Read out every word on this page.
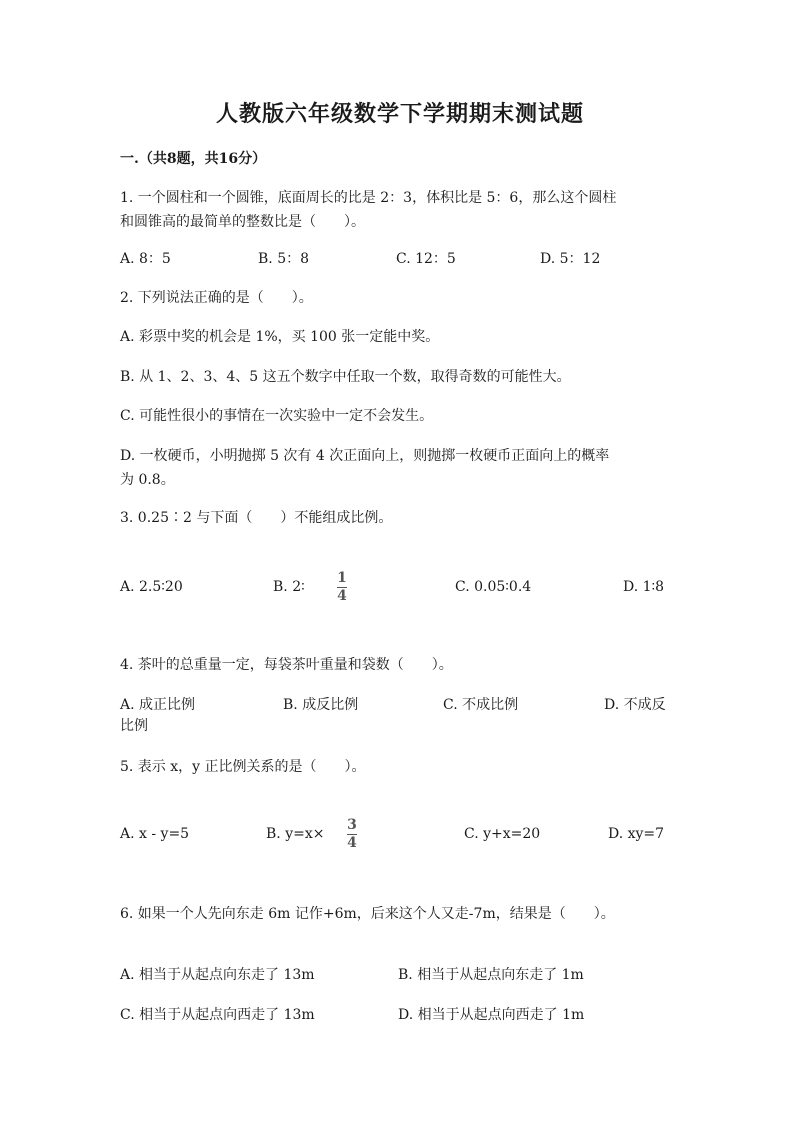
人教版六年级数学下学期期末测试题
一.（共8题，共16分）
1. 一个圆柱和一个圆锥，底面周长的比是 2：3，体积比是 5：6，那么这个圆柱
和圆锥高的最简单的整数比是（　　）。
A. 8：5	B. 5：8	C. 12：5	D. 5：12
2. 下列说法正确的是（　　）。
A. 彩票中奖的机会是 1%，买 100 张一定能中奖。
B. 从 1、2、3、4、5 这五个数字中任取一个数，取得奇数的可能性大。
C. 可能性很小的事情在一次实验中一定不会发生。
D. 一枚硬币，小明抛掷 5 次有 4 次正面向上，则抛掷一枚硬币正面向上的概率
为 0.8。
3. 0.25∶2 与下面（　　）不能组成比例。
A. 2.5∶20	B. 2∶
1
4
C. 0.05∶0.4	D. 1∶8
4. 茶叶的总重量一定，每袋茶叶重量和袋数（　　）。
A. 成正比例	B. 成反比例	C. 不成比例	D. 不成反
比例
5. 表示 x，y 正比例关系的是（　　）。
A. x - y=5	B. y=x×
3
4
C. y+x=20	D. xy=7
6. 如果一个人先向东走 6m 记作+6m，后来这个人又走-7m，结果是（　　）。
A. 相当于从起点向东走了 13m	B. 相当于从起点向东走了 1m
C. 相当于从起点向西走了 13m	D. 相当于从起点向西走了 1m
